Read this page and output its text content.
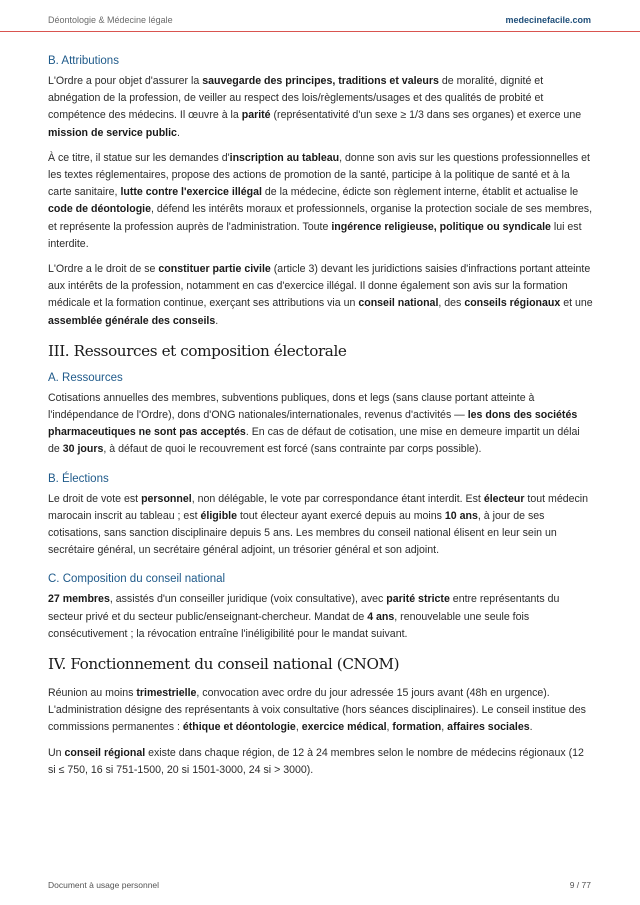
Déontologie & Médecine légale	medecinefacile.com
B. Attributions

L'Ordre a pour objet d'assurer la sauvegarde des principes, traditions et valeurs de moralité, dignité et abnégation de la profession, de veiller au respect des lois/règlements/usages et des qualités de probité et compétence des médecins. Il œuvre à la parité (représentativité d'un sexe ≥ 1/3 dans ses organes) et exerce une mission de service public.

À ce titre, il statue sur les demandes d'inscription au tableau, donne son avis sur les questions professionnelles et les textes réglementaires, propose des actions de promotion de la santé, participe à la politique de santé et à la carte sanitaire, lutte contre l'exercice illégal de la médecine, édicte son règlement interne, établit et actualise le code de déontologie, défend les intérêts moraux et professionnels, organise la protection sociale de ses membres, et représente la profession auprès de l'administration. Toute ingérence religieuse, politique ou syndicale lui est interdite.

L'Ordre a le droit de se constituer partie civile (article 3) devant les juridictions saisies d'infractions portant atteinte aux intérêts de la profession, notamment en cas d'exercice illégal. Il donne également son avis sur la formation médicale et la formation continue, exerçant ses attributions via un conseil national, des conseils régionaux et une assemblée générale des conseils.

III. Ressources et composition électorale
A. Ressources

Cotisations annuelles des membres, subventions publiques, dons et legs (sans clause portant atteinte à l'indépendance de l'Ordre), dons d'ONG nationales/internationales, revenus d'activités — les dons des sociétés pharmaceutiques ne sont pas acceptés. En cas de défaut de cotisation, une mise en demeure impartit un délai de 30 jours, à défaut de quoi le recouvrement est forcé (sans contrainte par corps possible).

B. Élections

Le droit de vote est personnel, non délégable, le vote par correspondance étant interdit. Est électeur tout médecin marocain inscrit au tableau ; est éligible tout électeur ayant exercé depuis au moins 10 ans, à jour de ses cotisations, sans sanction disciplinaire depuis 5 ans. Les membres du conseil national élisent en leur sein un secrétaire général, un secrétaire général adjoint, un trésorier général et son adjoint.

C. Composition du conseil national

27 membres, assistés d'un conseiller juridique (voix consultative), avec parité stricte entre représentants du secteur privé et du secteur public/enseignant-chercheur. Mandat de 4 ans, renouvelable une seule fois consécutivement ; la révocation entraîne l'inéligibilité pour le mandat suivant.

IV. Fonctionnement du conseil national (CNOM)

Réunion au moins trimestrielle, convocation avec ordre du jour adressée 15 jours avant (48h en urgence). L'administration désigne des représentants à voix consultative (hors séances disciplinaires). Le conseil institue des commissions permanentes : éthique et déontologie, exercice médical, formation, affaires sociales.

Un conseil régional existe dans chaque région, de 12 à 24 membres selon le nombre de médecins régionaux (12 si ≤ 750, 16 si 751-1500, 20 si 1501-3000, 24 si > 3000).

Document à usage personnel	9 / 77
